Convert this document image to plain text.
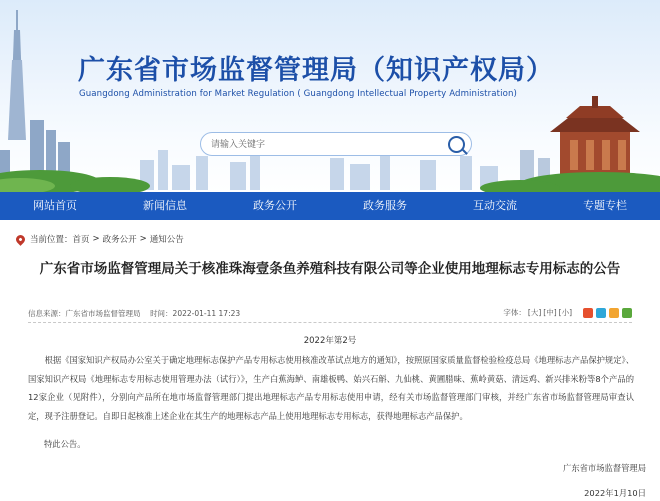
广东省市场监督管理局（知识产权局）
Guangdong Administration for Market Regulation ( Guangdong Intellectual Property Administration)
请输入关键字
网站首页	新闻信息	政务公开	政务服务	互动交流	专题专栏
当前位置： 首页 > 政务公开 > 通知公告
广东省市场监督管理局关于核准珠海壹条鱼养殖科技有限公司等企业使用地理标志专用标志的公告
信息来源：广东省市场监督管理局 时间：2022-01-11 17:23	字体： [大] [中] [小]
2022年第2号

根据《国家知识产权局办公室关于确定地理标志保护产品专用标志使用核准改革试点地方的通知》，按照原国家质量监督检验检疫总局《地理标志产品保护规定》、国家知识产权局《地理标志专用标志使用管理办法（试行）》，生产白蕉海鲈、南雄板鸭、始兴石斛、九仙桃、黄圃腊味、蕉岭黄菇、清远鸡、新兴排米粉等8个产品的12家企业（见附件），分别向产品所在地市场监督管理部门提出地理标志产品专用标志使用申请，经有关市场监督管理部门审核，并经广东省市场监督管理局审查认定，现予注册登记。自即日起核准上述企业在其生产的地理标志产品上使用地理标志专用标志，获得地理标志产品保护。

特此公告。
广东省市场监督管理局
2022年1月10日
